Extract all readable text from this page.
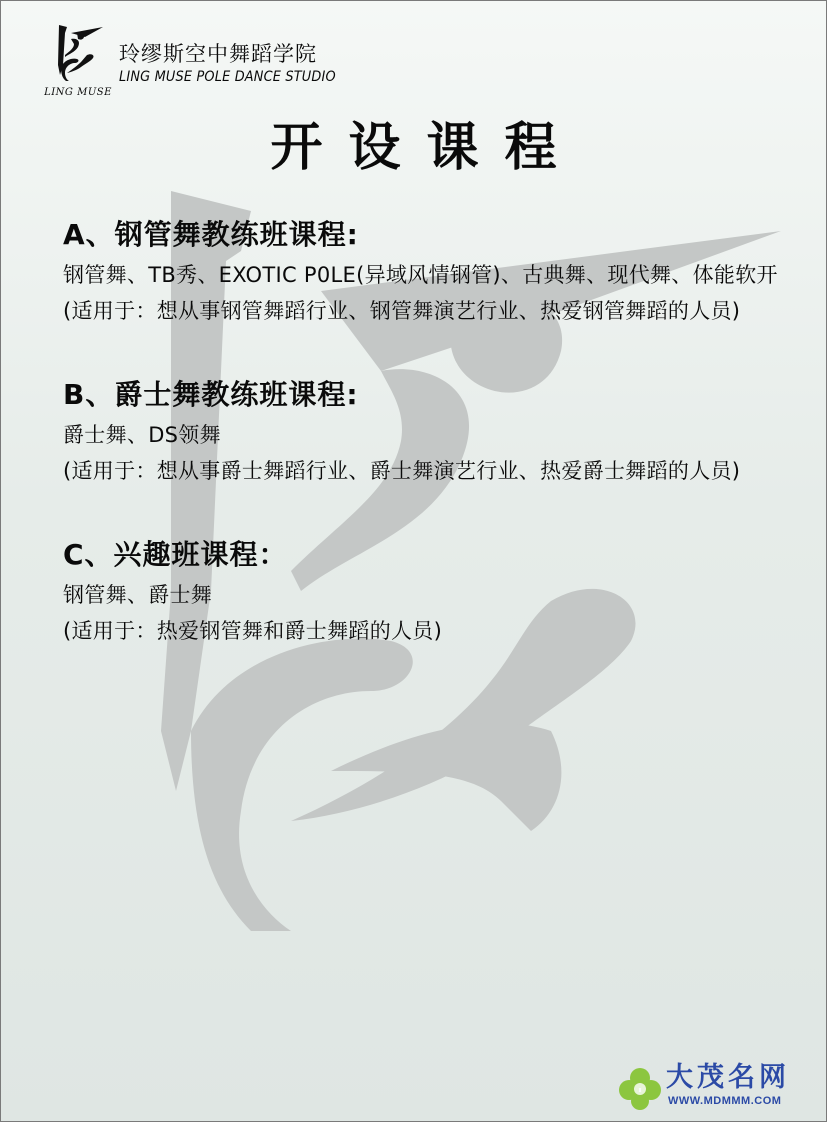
LING MUSE
玲缪斯空中舞蹈学院
LING MUSE POLE DANCE STUDIO
开设课程
A、钢管舞教练班课程:

钢管舞、TB秀、EXOTIC P0LE(异域风情钢管)、古典舞、现代舞、体能软开

(适用于：想从事钢管舞蹈行业、钢管舞演艺行业、热爱钢管舞蹈的人员)

B、爵士舞教练班课程:

爵士舞、DS领舞

(适用于：想从事爵士舞蹈行业、爵士舞演艺行业、热爱爵士舞蹈的人员)

C、兴趣班课程：

钢管舞、爵士舞

(适用于：热爱钢管舞和爵士舞蹈的人员)

大茂名网
WWW.MDMMM.COM
